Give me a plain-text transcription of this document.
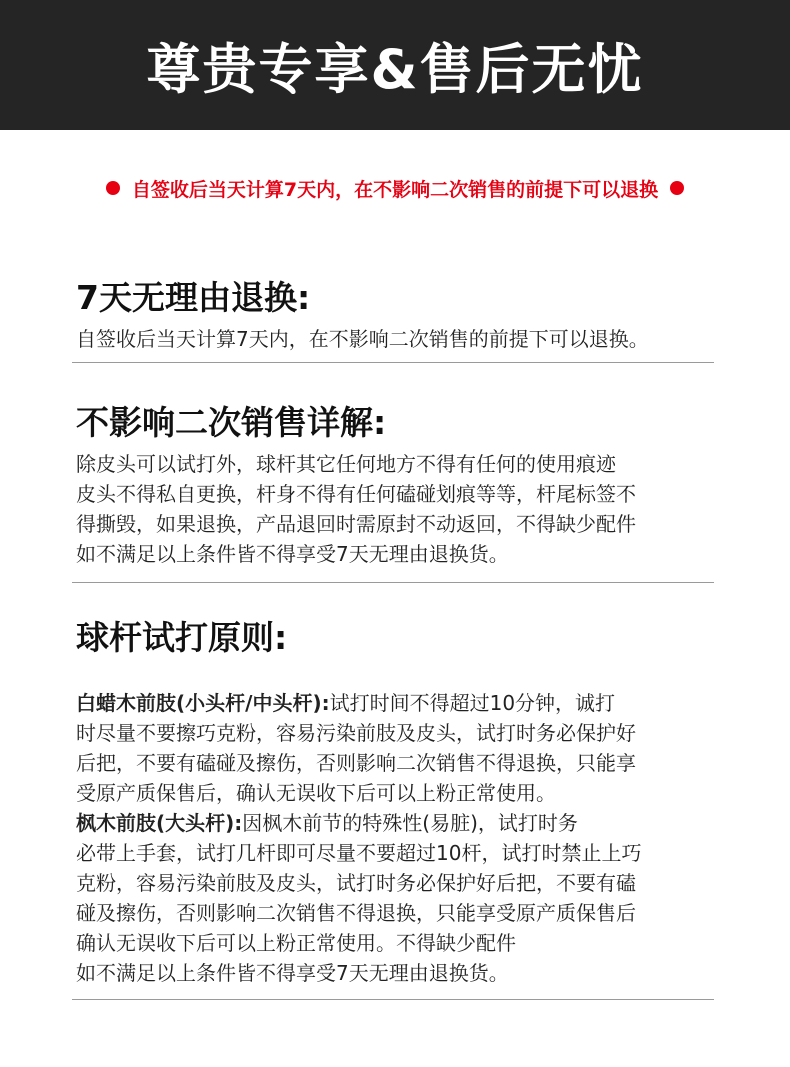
尊贵专享&售后无忧
自签收后当天计算7天内，在不影响二次销售的前提下可以退换
7天无理由退换:

自签收后当天计算7天内，在不影响二次销售的前提下可以退换。

不影响二次销售详解:

除皮头可以试打外，球杆其它任何地方不得有任何的使用痕迹

皮头不得私自更换，杆身不得有任何磕碰划痕等等，杆尾标签不

得撕毁，如果退换，产品退回时需原封不动返回，不得缺少配件

如不满足以上条件皆不得享受7天无理由退换货。

球杆试打原则:

白蜡木前肢(小头杆/中头杆):试打时间不得超过10分钟，诚打

时尽量不要擦巧克粉，容易污染前肢及皮头，试打时务必保护好

后把，不要有磕碰及擦伤，否则影响二次销售不得退换，只能享

受原产质保售后，确认无误收下后可以上粉正常使用。

枫木前肢(大头杆):因枫木前节的特殊性(易脏)，试打时务

必带上手套，试打几杆即可尽量不要超过10杆，试打时禁止上巧

克粉，容易污染前肢及皮头，试打时务必保护好后把，不要有磕

碰及擦伤，否则影响二次销售不得退换，只能享受原产质保售后

确认无误收下后可以上粉正常使用。不得缺少配件

如不满足以上条件皆不得享受7天无理由退换货。
